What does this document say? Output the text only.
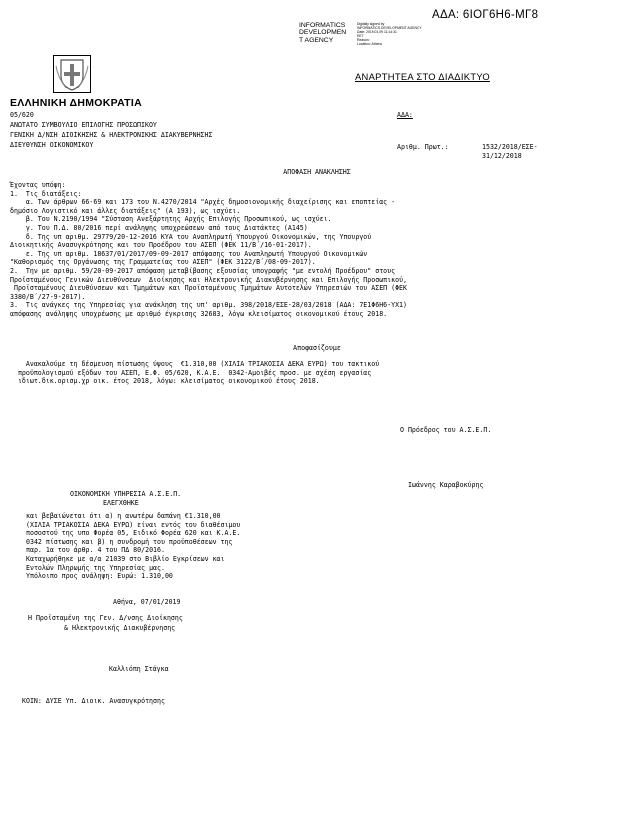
ΑΔΑ: 6ΙΟΓ6Η6-ΜΓ8
INFORMATICS
DEVELOPMEN
T AGENCY
Digitally signed by
INFORMATICS DEVELOPMENT AGENCY
Date: 2019.01.09 11:14:31
EET
Reason:
Location: Athens
ΑΝΑΡΤΗΤΕΑ ΣΤΟ ΔΙΑΔΙΚΤΥΟ
ΕΛΛΗΝΙΚΗ ΔΗΜΟΚΡΑΤΙΑ
05/620
ΑΝΩΤΑΤΟ ΣΥΜΒΟΥΛΙΟ ΕΠΙΛΟΓΗΣ ΠΡΟΣΩΠΙΚΟΥ
ΓΕΝΙΚΗ Δ/ΝΣΗ ΔΙΟΙΚΗΣΗΣ & ΗΛΕΚΤΡΟΝΙΚΗΣ ΔΙΑΚΥΒΕΡΝΗΣΗΣ
ΔΙΕΥΘΥΝΣΗ ΟΙΚΟΝΟΜΙΚΟΥ
ΑΔΑ:
Αριθμ. Πρωτ.:	1532/2018/ΕΣΕ-
31/12/2018
ΑΠΟΦΑΣΗ ΑΝΑΚΛΗΣΗΣ
Έχοντας υπόψη:
1.  Τις διατάξεις:
α. Των άρθρων 66-69 και 173 του Ν.4270/2014 "Αρχές δημοσιονομικής διαχείρισης και εποπτείας -
δημόσιο Λογιστικό και άλλες διατάξεις" (Α 193), ως ισχύει.
β. Του Ν.2190/1994 "Σύσταση Ανεξάρτητης Αρχής Επιλογής Προσωπικού, ως ισχύει.
γ. Του Π.Δ. 80/2016 περί ανάληψης υποχρεώσεων από τους Διατάκτες (Α145)
δ. Της υπ αριθμ. 29779/20-12-2016 ΚΥΑ του Αναπληρωτή Υπουργού Οικονομικών, της Υπουργού
Διοικητικής Ανασυγκρότησης και του Προέδρου του ΑΣΕΠ (ΦΕΚ 11/Β΄/16-01-2017).
ε. Της υπ αριθμ. 18637/01/2017/09-09-2017 απόφασης του Αναπληρωτή Υπουργού Οικονομικών
"Καθορισμός της Οργάνωσης της Γραμματείας του ΑΣΕΠ" (ΦΕΚ 3122/Β΄/08-09-2017).
2.  Την με αριθμ. 59/20-09-2017 απόφαση μεταβίβασης εξουσίας υπογραφής "με εντολή Προέδρου" στους
Προϊσταμένους Γενικών Διευθύνσεων  Διοίκησης και Ηλεκτρονικής Διακυβέρνησης και Επιλογής Προσωπικού,
Προϊσταμένους Διευθύνσεων και Τμημάτων και Προϊσταμένους Τμημάτων Αυτοτελών Υπηρεσιών του ΑΣΕΠ (ΦΕΚ
3380/Β΄/27-9-2017).
3.  Τις ανάγκες της Υπηρεσίας για ανάκληση της υπ' αριθμ. 398/2018/ΕΣΕ-28/03/2018 (ΑΔΑ: 7Ε1Φ6Η6-ΥΧ1)
απόφασης ανάληψης υποχρέωσης με αριθμό έγκρισης 32683, λόγω κλεισίματος οικονομικού έτους 2018.
Αποφασίζουμε
Ανακαλούμε τη δέσμευση πίστωσης ύψους  €1.310,00 (ΧΙΛΙΑ ΤΡΙΑΚΟΣΙΑ ΔΕΚΑ ΕΥΡΩ) του τακτικού
προϋπολογισμού εξόδων του ΑΣΕΠ, Ε.Φ. 05/620, Κ.Α.Ε.  0342-Αμοιβές προσ. με σχέση εργασίας
ιδιωτ.δικ.ορισμ.χρ οικ. έτος 2018, λόγω: κλεισίματος οικονομικού έτους 2018.
Ο Πρόεδρος του Α.Σ.Ε.Π.
Ιωάννης Καραβοκύρης
ΟΙΚΟΝΟΜΙΚΗ ΥΠΗΡΕΣΙΑ Α.Σ.Ε.Π.
ΕΛΕΓΧΘΗΚΕ
και βεβαιώνεται ότι α) η ανωτέρω δαπάνη €1.310,00
(ΧΙΛΙΑ ΤΡΙΑΚΟΣΙΑ ΔΕΚΑ ΕΥΡΩ) είναι εντός του διαθέσιμου
ποσοστού της υπο Φορέα 05, Ειδικό Φορέα 620 και Κ.Α.Ε.
0342 πίστωσης και β) η συνδρομή του προϋποθέσεων της
παρ. 1α του άρθρ. 4 του ΠΔ 80/2016.
Καταχωρήθηκε με α/α 21039 στο Βιβλίο Εγκρίσεων και
Εντολών Πληρωμής της Υπηρεσίας μας.
Υπόλοιπο προς ανάληψη: Ευρώ: 1.310,00
Αθήνα, 07/01/2019
Η Προϊσταμένη της Γεν. Δ/νσης Διοίκησης
& Ηλεκτρονικής Διακυβέρνησης
Καλλιόπη Στάγκα
ΚΟΙΝ: ΔΥΣΕ Υπ. Διοικ. Ανασυγκρότησης
